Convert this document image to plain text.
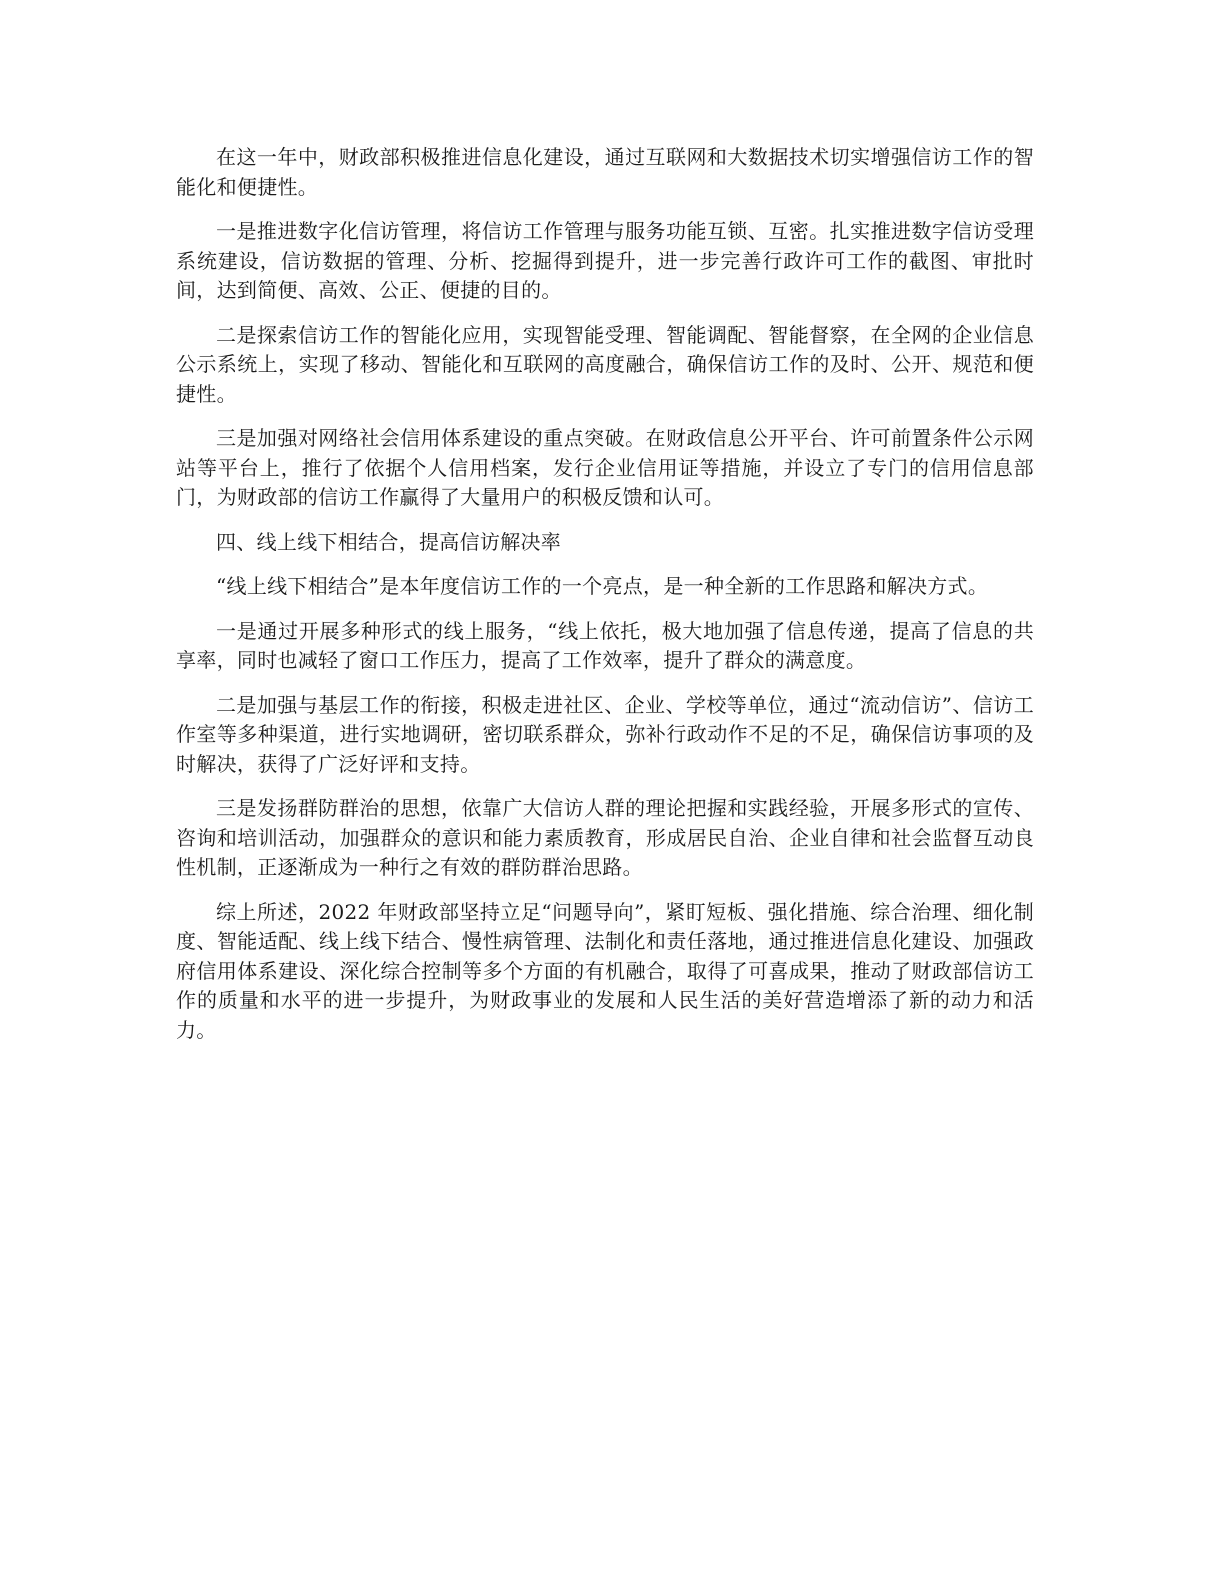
在这一年中，财政部积极推进信息化建设，通过互联网和大数据技术切实增强信访工作的智能化和便捷性。

一是推进数字化信访管理，将信访工作管理与服务功能互锁、互密。扎实推进数字信访受理系统建设，信访数据的管理、分析、挖掘得到提升，进一步完善行政许可工作的截图、审批时间，达到简便、高效、公正、便捷的目的。

二是探索信访工作的智能化应用，实现智能受理、智能调配、智能督察，在全网的企业信息公示系统上，实现了移动、智能化和互联网的高度融合，确保信访工作的及时、公开、规范和便捷性。

三是加强对网络社会信用体系建设的重点突破。在财政信息公开平台、许可前置条件公示网站等平台上，推行了依据个人信用档案，发行企业信用证等措施，并设立了专门的信用信息部门，为财政部的信访工作赢得了大量用户的积极反馈和认可。

四、线上线下相结合，提高信访解决率

“线上线下相结合”是本年度信访工作的一个亮点，是一种全新的工作思路和解决方式。

一是通过开展多种形式的线上服务，“线上依托，极大地加强了信息传递，提高了信息的共享率，同时也减轻了窗口工作压力，提高了工作效率，提升了群众的满意度。

二是加强与基层工作的衔接，积极走进社区、企业、学校等单位，通过“流动信访”、信访工作室等多种渠道，进行实地调研，密切联系群众，弥补行政动作不足的不足，确保信访事项的及时解决，获得了广泛好评和支持。

三是发扬群防群治的思想，依靠广大信访人群的理论把握和实践经验，开展多形式的宣传、咨询和培训活动，加强群众的意识和能力素质教育，形成居民自治、企业自律和社会监督互动良性机制，正逐渐成为一种行之有效的群防群治思路。

综上所述，2022 年财政部坚持立足“问题导向”，紧盯短板、强化措施、综合治理、细化制度、智能适配、线上线下结合、慢性病管理、法制化和责任落地，通过推进信息化建设、加强政府信用体系建设、深化综合控制等多个方面的有机融合，取得了可喜成果，推动了财政部信访工作的质量和水平的进一步提升，为财政事业的发展和人民生活的美好营造增添了新的动力和活力。
